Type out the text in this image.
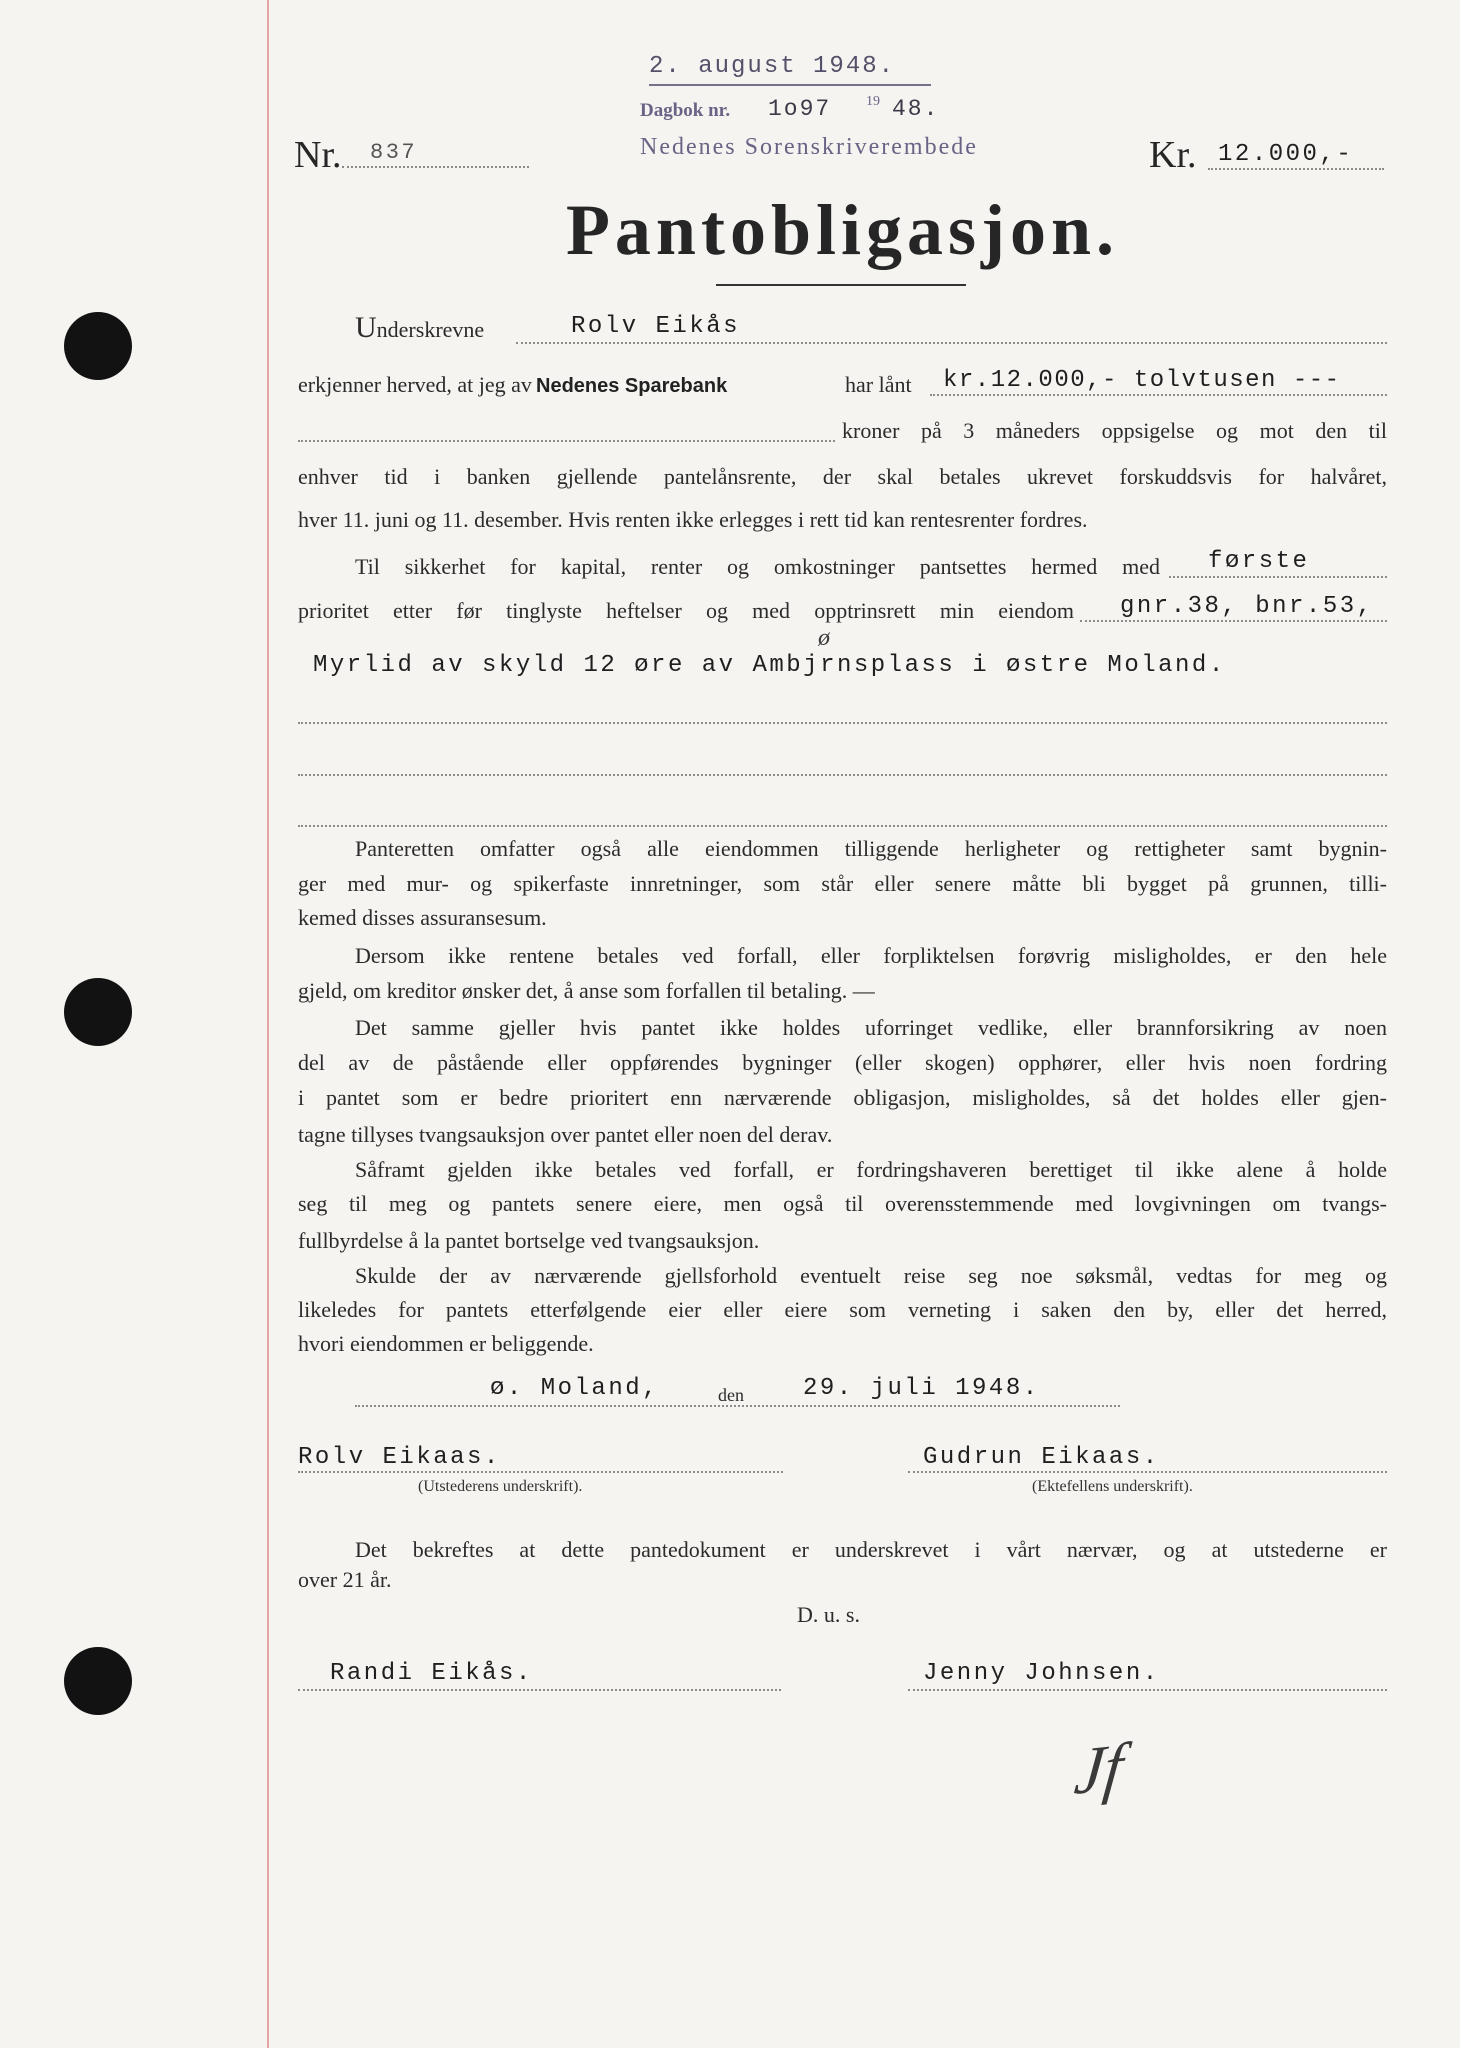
2. august 1948.
Dagbok nr. 1o97 19 48.
Nedenes Sorenskriverembede
Nr. 837	Kr. 12.000,-
Pantobligasjon.
Underskrevne	Rolv Eikås
erkjenner herved, at jeg av Nedenes Sparebank	har lånt kr.12.000,- tolvtusen ---
kroner på 3 måneders oppsigelse og mot den til
enhver tid i banken gjellende pantelånsrente, der skal betales ukrevet forskuddsvis for halvåret,
hver 11. juni og 11. desember. Hvis renten ikke erlegges i rett tid kan rentesrenter fordres.
Til sikkerhet for kapital, renter og omkostninger pantsettes hermed med første
prioritet etter før tinglyste heftelser og med opptrinsrett min eiendom gnr.38, bnr.53,
ø
Myrlid av skyld 12 øre av Ambjrnsplass i østre Moland.
Panteretten omfatter også alle eiendommen tilliggende herligheter og rettigheter samt bygnin-
ger med mur- og spikerfaste innretninger, som står eller senere måtte bli bygget på grunnen, tilli-
kemed disses assuransesum.
Dersom ikke rentene betales ved forfall, eller forpliktelsen forøvrig misligholdes, er den hele
gjeld, om kreditor ønsker det, å anse som forfallen til betaling. —
Det samme gjeller hvis pantet ikke holdes uforringet vedlike, eller brannforsikring av noen
del av de påstående eller oppførendes bygninger (eller skogen) opphører, eller hvis noen fordring
i pantet som er bedre prioritert enn nærværende obligasjon, misligholdes, så det holdes eller gjen-
tagne tillyses tvangsauksjon over pantet eller noen del derav.
Såframt gjelden ikke betales ved forfall, er fordringshaveren berettiget til ikke alene å holde
seg til meg og pantets senere eiere, men også til overensstemmende med lovgivningen om tvangs-
fullbyrdelse å la pantet bortselge ved tvangsauksjon.
Skulde der av nærværende gjellsforhold eventuelt reise seg noe søksmål, vedtas for meg og
likeledes for pantets etterfølgende eier eller eiere som verneting i saken den by, eller det herred,
hvori eiendommen er beliggende.
ø. Moland,	den 29. juli 1948.
Rolv Eikaas.
(Utstederens underskrift).
Gudrun Eikaas.
(Ektefellens underskrift).
Det bekreftes at dette pantedokument er underskrevet i vårt nærvær, og at utstederne er
over 21 år.
D. u. s.
Randi Eikås.	Jenny Johnsen.
Jf
